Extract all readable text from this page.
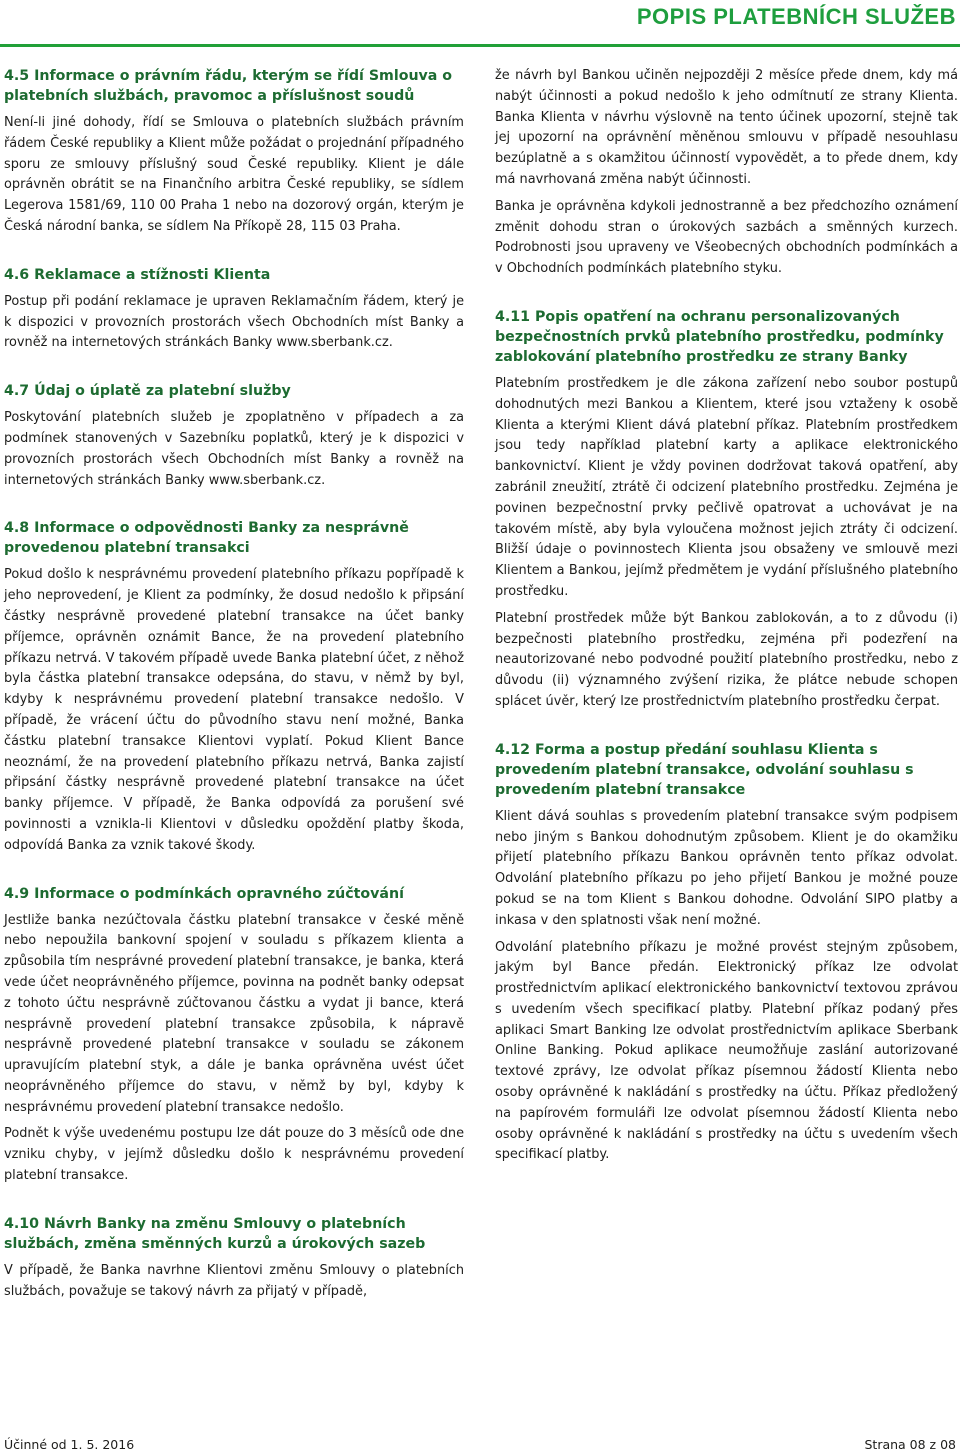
POPIS PLATEBNÍCH SLUŽEB
4.5 Informace o právním řádu, kterým se řídí Smlouva o platebních službách, pravomoc a příslušnost soudů

Není-li jiné dohody, řídí se Smlouva o platebních službách právním řádem České republiky a Klient může požádat o projednání případného sporu ze smlouvy příslušný soud České republiky. Klient je dále oprávněn obrátit se na Finančního arbitra České republiky, se sídlem Legerova 1581/69, 110 00 Praha 1 nebo na dozorový orgán, kterým je Česká národní banka, se sídlem Na Příkopě 28, 115 03 Praha.

4.6 Reklamace a stížnosti Klienta

Postup při podání reklamace je upraven Reklamačním řádem, který je k dispozici v provozních prostorách všech Obchodních míst Banky a rovněž na internetových stránkách Banky www.sberbank.cz.

4.7 Údaj o úplatě za platební služby

Poskytování platebních služeb je zpoplatněno v případech a za podmínek stanovených v Sazebníku poplatků, který je k dispozici v provozních prostorách všech Obchodních míst Banky a rovněž na internetových stránkách Banky www.sberbank.cz.

4.8 Informace o odpovědnosti Banky za nesprávně provedenou platební transakci

Pokud došlo k nesprávnému provedení platebního příkazu popřípadě k jeho neprovedení, je Klient za podmínky, že dosud nedošlo k připsání částky nesprávně provedené platební transakce na účet banky příjemce, oprávněn oznámit Bance, že na provedení platebního příkazu netrvá. V takovém případě uvede Banka platební účet, z něhož byla částka platební transakce odepsána, do stavu, v němž by byl, kdyby k nesprávnému provedení platební transakce nedošlo. V případě, že vrácení účtu do původního stavu není možné, Banka částku platební transakce Klientovi vyplatí. Pokud Klient Bance neoznámí, že na provedení platebního příkazu netrvá, Banka zajistí připsání částky nesprávně provedené platební transakce na účet banky příjemce. V případě, že Banka odpovídá za porušení své povinnosti a vznikla-li Klientovi v důsledku opoždění platby škoda, odpovídá Banka za vznik takové škody.

4.9 Informace o podmínkách opravného zúčtování

Jestliže banka nezúčtovala částku platební transakce v české měně nebo nepoužila bankovní spojení v souladu s příkazem klienta a způsobila tím nesprávné provedení platební transakce, je banka, která vede účet neoprávněného příjemce, povinna na podnět banky odepsat z tohoto účtu nesprávně zúčtovanou částku a vydat ji bance, která nesprávně provedení platební transakce způsobila, k nápravě nesprávně provedené platební transakce v souladu se zákonem upravujícím platební styk, a dále je banka oprávněna uvést účet neoprávněného příjemce do stavu, v němž by byl, kdyby k nesprávnému provedení platební transakce nedošlo.

Podnět k výše uvedenému postupu lze dát pouze do 3 měsíců ode dne vzniku chyby, v jejímž důsledku došlo k nesprávnému provedení platební transakce.

4.10 Návrh Banky na změnu Smlouvy o platebních službách, změna směnných kurzů a úrokových sazeb

V případě, že Banka navrhne Klientovi změnu Smlouvy o platebních službách, považuje se takový návrh za přijatý v případě,

že návrh byl Bankou učiněn nejpozději 2 měsíce přede dnem, kdy má nabýt účinnosti a pokud nedošlo k jeho odmítnutí ze strany Klienta. Banka Klienta v návrhu výslovně na tento účinek upozorní, stejně tak jej upozorní na oprávnění měněnou smlouvu v případě nesouhlasu bezúplatně a s okamžitou účinností vypovědět, a to přede dnem, kdy má navrhovaná změna nabýt účinnosti.

Banka je oprávněna kdykoli jednostranně a bez předchozího oznámení změnit dohodu stran o úrokových sazbách a směnných kurzech. Podrobnosti jsou upraveny ve Všeobecných obchodních podmínkách a v Obchodních podmínkách platebního styku.

4.11 Popis opatření na ochranu personalizovaných bezpečnostních prvků platebního prostředku, podmínky zablokování platebního prostředku ze strany Banky

Platebním prostředkem je dle zákona zařízení nebo soubor postupů dohodnutých mezi Bankou a Klientem, které jsou vztaženy k osobě Klienta a kterými Klient dává platební příkaz. Platebním prostředkem jsou tedy například platební karty a aplikace elektronického bankovnictví. Klient je vždy povinen dodržovat taková opatření, aby zabránil zneužití, ztrátě či odcizení platebního prostředku. Zejména je povinen bezpečnostní prvky pečlivě opatrovat a uchovávat je na takovém místě, aby byla vyloučena možnost jejich ztráty či odcizení. Bližší údaje o povinnostech Klienta jsou obsaženy ve smlouvě mezi Klientem a Bankou, jejímž předmětem je vydání příslušného platebního prostředku.

Platební prostředek může být Bankou zablokován, a to z důvodu (i) bezpečnosti platebního prostředku, zejména při podezření na neautorizované nebo podvodné použití platebního prostředku, nebo z důvodu (ii) významného zvýšení rizika, že plátce nebude schopen splácet úvěr, který lze prostřednictvím platebního prostředku čerpat.

4.12 Forma a postup předání souhlasu Klienta s provedením platební transakce, odvolání souhlasu s provedením platební transakce

Klient dává souhlas s provedením platební transakce svým podpisem nebo jiným s Bankou dohodnutým způsobem. Klient je do okamžiku přijetí platebního příkazu Bankou oprávněn tento příkaz odvolat. Odvolání platebního příkazu po jeho přijetí Bankou je možné pouze pokud se na tom Klient s Bankou dohodne. Odvolání SIPO platby a inkasa v den splatnosti však není možné.

Odvolání platebního příkazu je možné provést stejným způsobem, jakým byl Bance předán. Elektronický příkaz lze odvolat prostřednictvím aplikací elektronického bankovnictví textovou zprávou s uvedením všech specifikací platby. Platební příkaz podaný přes aplikaci Smart Banking lze odvolat prostřednictvím aplikace Sberbank Online Banking. Pokud aplikace neumožňuje zaslání autorizované textové zprávy, lze odvolat příkaz písemnou žádostí Klienta nebo osoby oprávněné k nakládání s prostředky na účtu. Příkaz předložený na papírovém formuláři lze odvolat písemnou žádostí Klienta nebo osoby oprávněné k nakládání s prostředky na účtu s uvedením všech specifikací platby.

Účinné od 1. 5. 2016	Strana 08 z 08
